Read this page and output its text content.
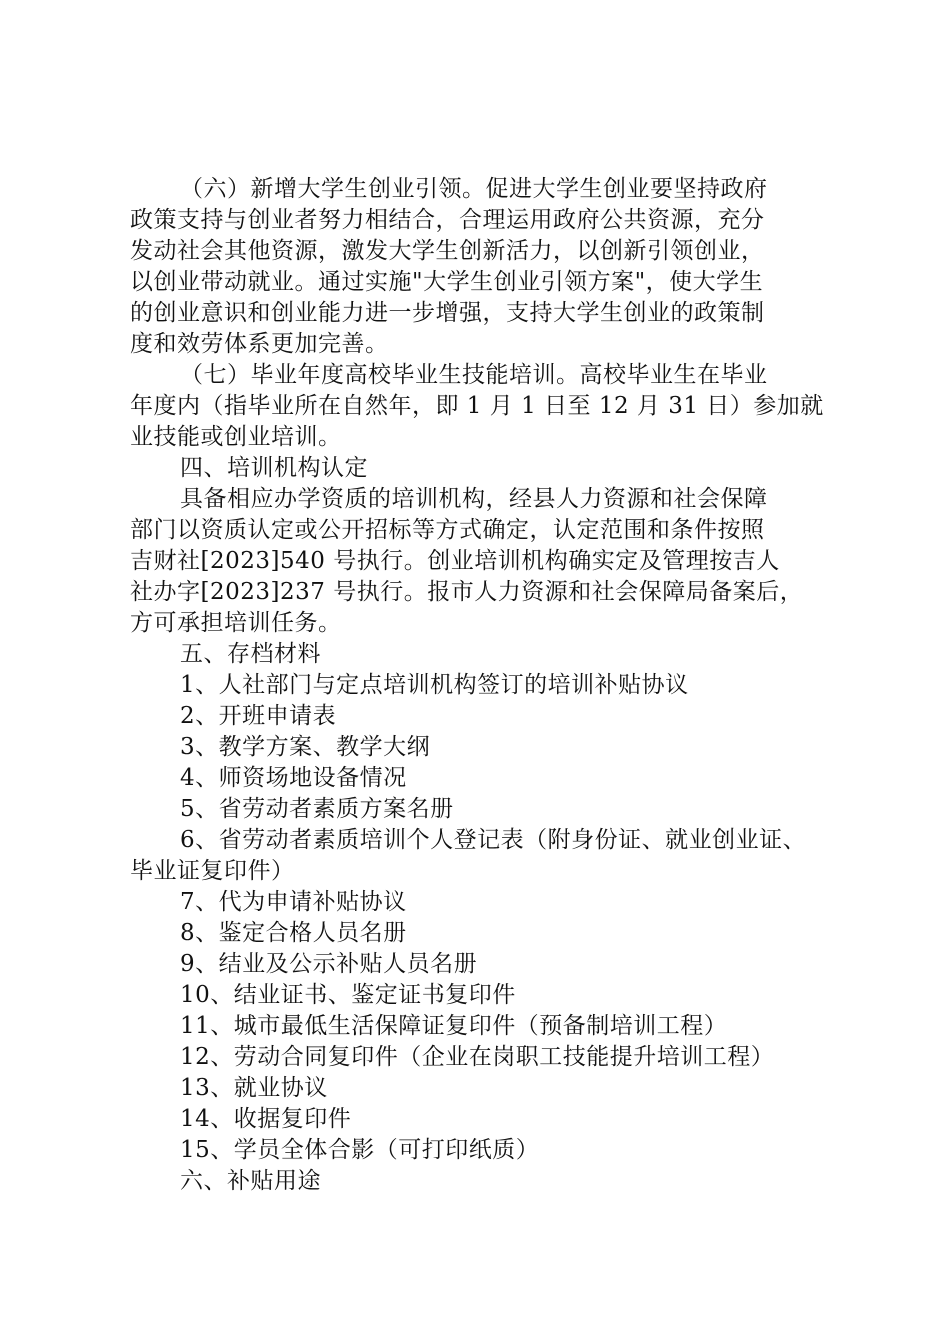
（六）新增大学生创业引领。促进大学生创业要坚持政府
政策支持与创业者努力相结合，合理运用政府公共资源，充分
发动社会其他资源，激发大学生创新活力，以创新引领创业，
以创业带动就业。通过实施"大学生创业引领方案"，使大学生
的创业意识和创业能力进一步增强，支持大学生创业的政策制
度和效劳体系更加完善。
（七）毕业年度高校毕业生技能培训。高校毕业生在毕业
年度内（指毕业所在自然年，即 1 月 1 日至 12 月 31 日）参加就
业技能或创业培训。
四、培训机构认定
具备相应办学资质的培训机构，经县人力资源和社会保障
部门以资质认定或公开招标等方式确定，认定范围和条件按照
吉财社[2023]540 号执行。创业培训机构确实定及管理按吉人
社办字[2023]237 号执行。报市人力资源和社会保障局备案后，
方可承担培训任务。
五、存档材料
1、人社部门与定点培训机构签订的培训补贴协议
2、开班申请表
3、教学方案、教学大纲
4、师资场地设备情况
5、省劳动者素质方案名册
6、省劳动者素质培训个人登记表（附身份证、就业创业证、
毕业证复印件）
7、代为申请补贴协议
8、鉴定合格人员名册
9、结业及公示补贴人员名册
10、结业证书、鉴定证书复印件
11、城市最低生活保障证复印件（预备制培训工程）
12、劳动合同复印件（企业在岗职工技能提升培训工程）
13、就业协议
14、收据复印件
15、学员全体合影（可打印纸质）
六、补贴用途
